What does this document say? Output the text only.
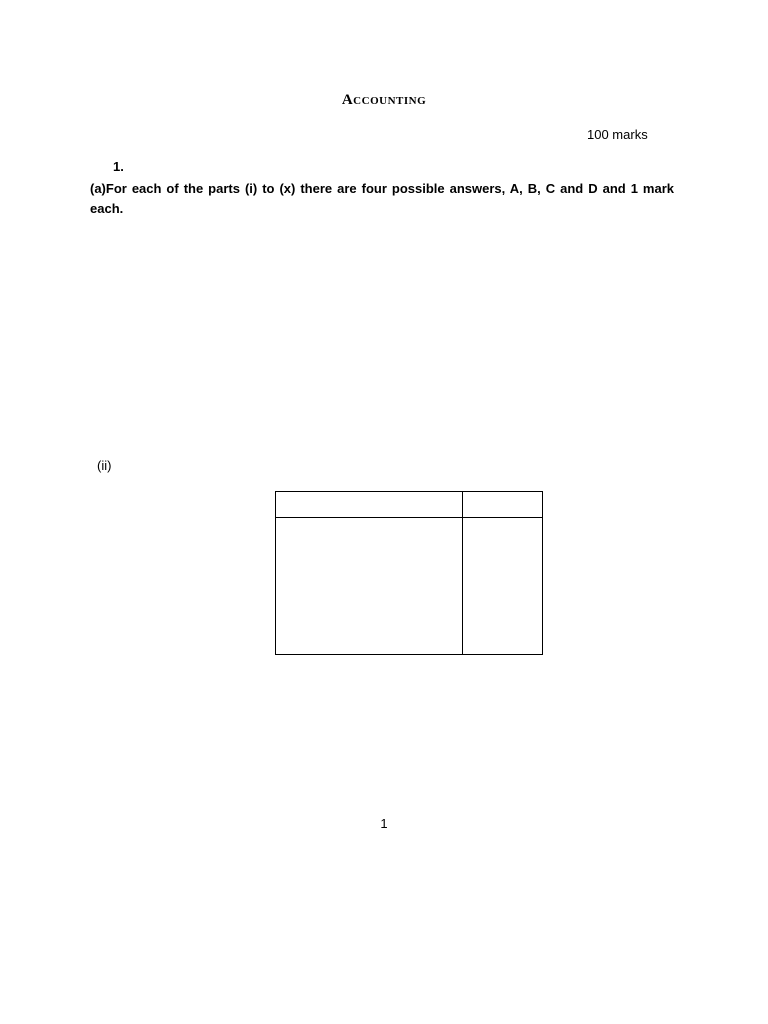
Accounting
100 marks
1.
(a)For each of the parts (i) to (x) there are four possible answers, A, B, C and D and 1 mark each.
(ii)

1
